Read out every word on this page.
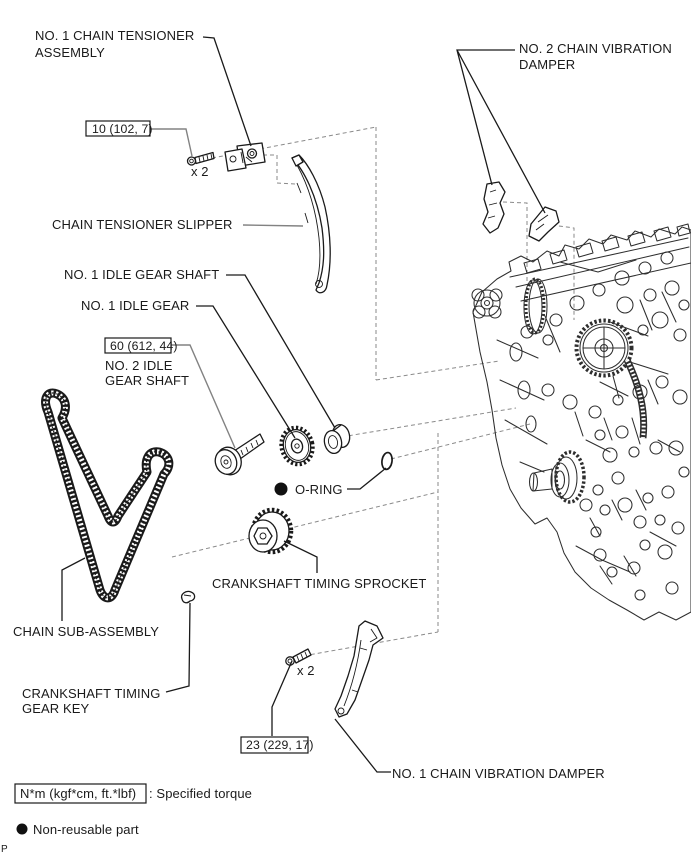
10 (102, 7)
60 (612, 44)
23 (229, 17)
NO. 1 CHAIN TENSIONER
ASSEMBLY	NO. 2 CHAIN VIBRATION
DAMPER
x 2
CHAIN TENSIONER SLIPPER
NO. 1 IDLE GEAR SHAFT
NO. 1 IDLE GEAR
NO. 2 IDLE
GEAR SHAFT
O-RING
CRANKSHAFT TIMING SPROCKET
CHAIN SUB-ASSEMBLY
CRANKSHAFT TIMING
GEAR KEY
x 2
NO. 1 CHAIN VIBRATION DAMPER
N*m (kgf*cm, ft.*lbf) : Specified torque
Non-reusable part
P
